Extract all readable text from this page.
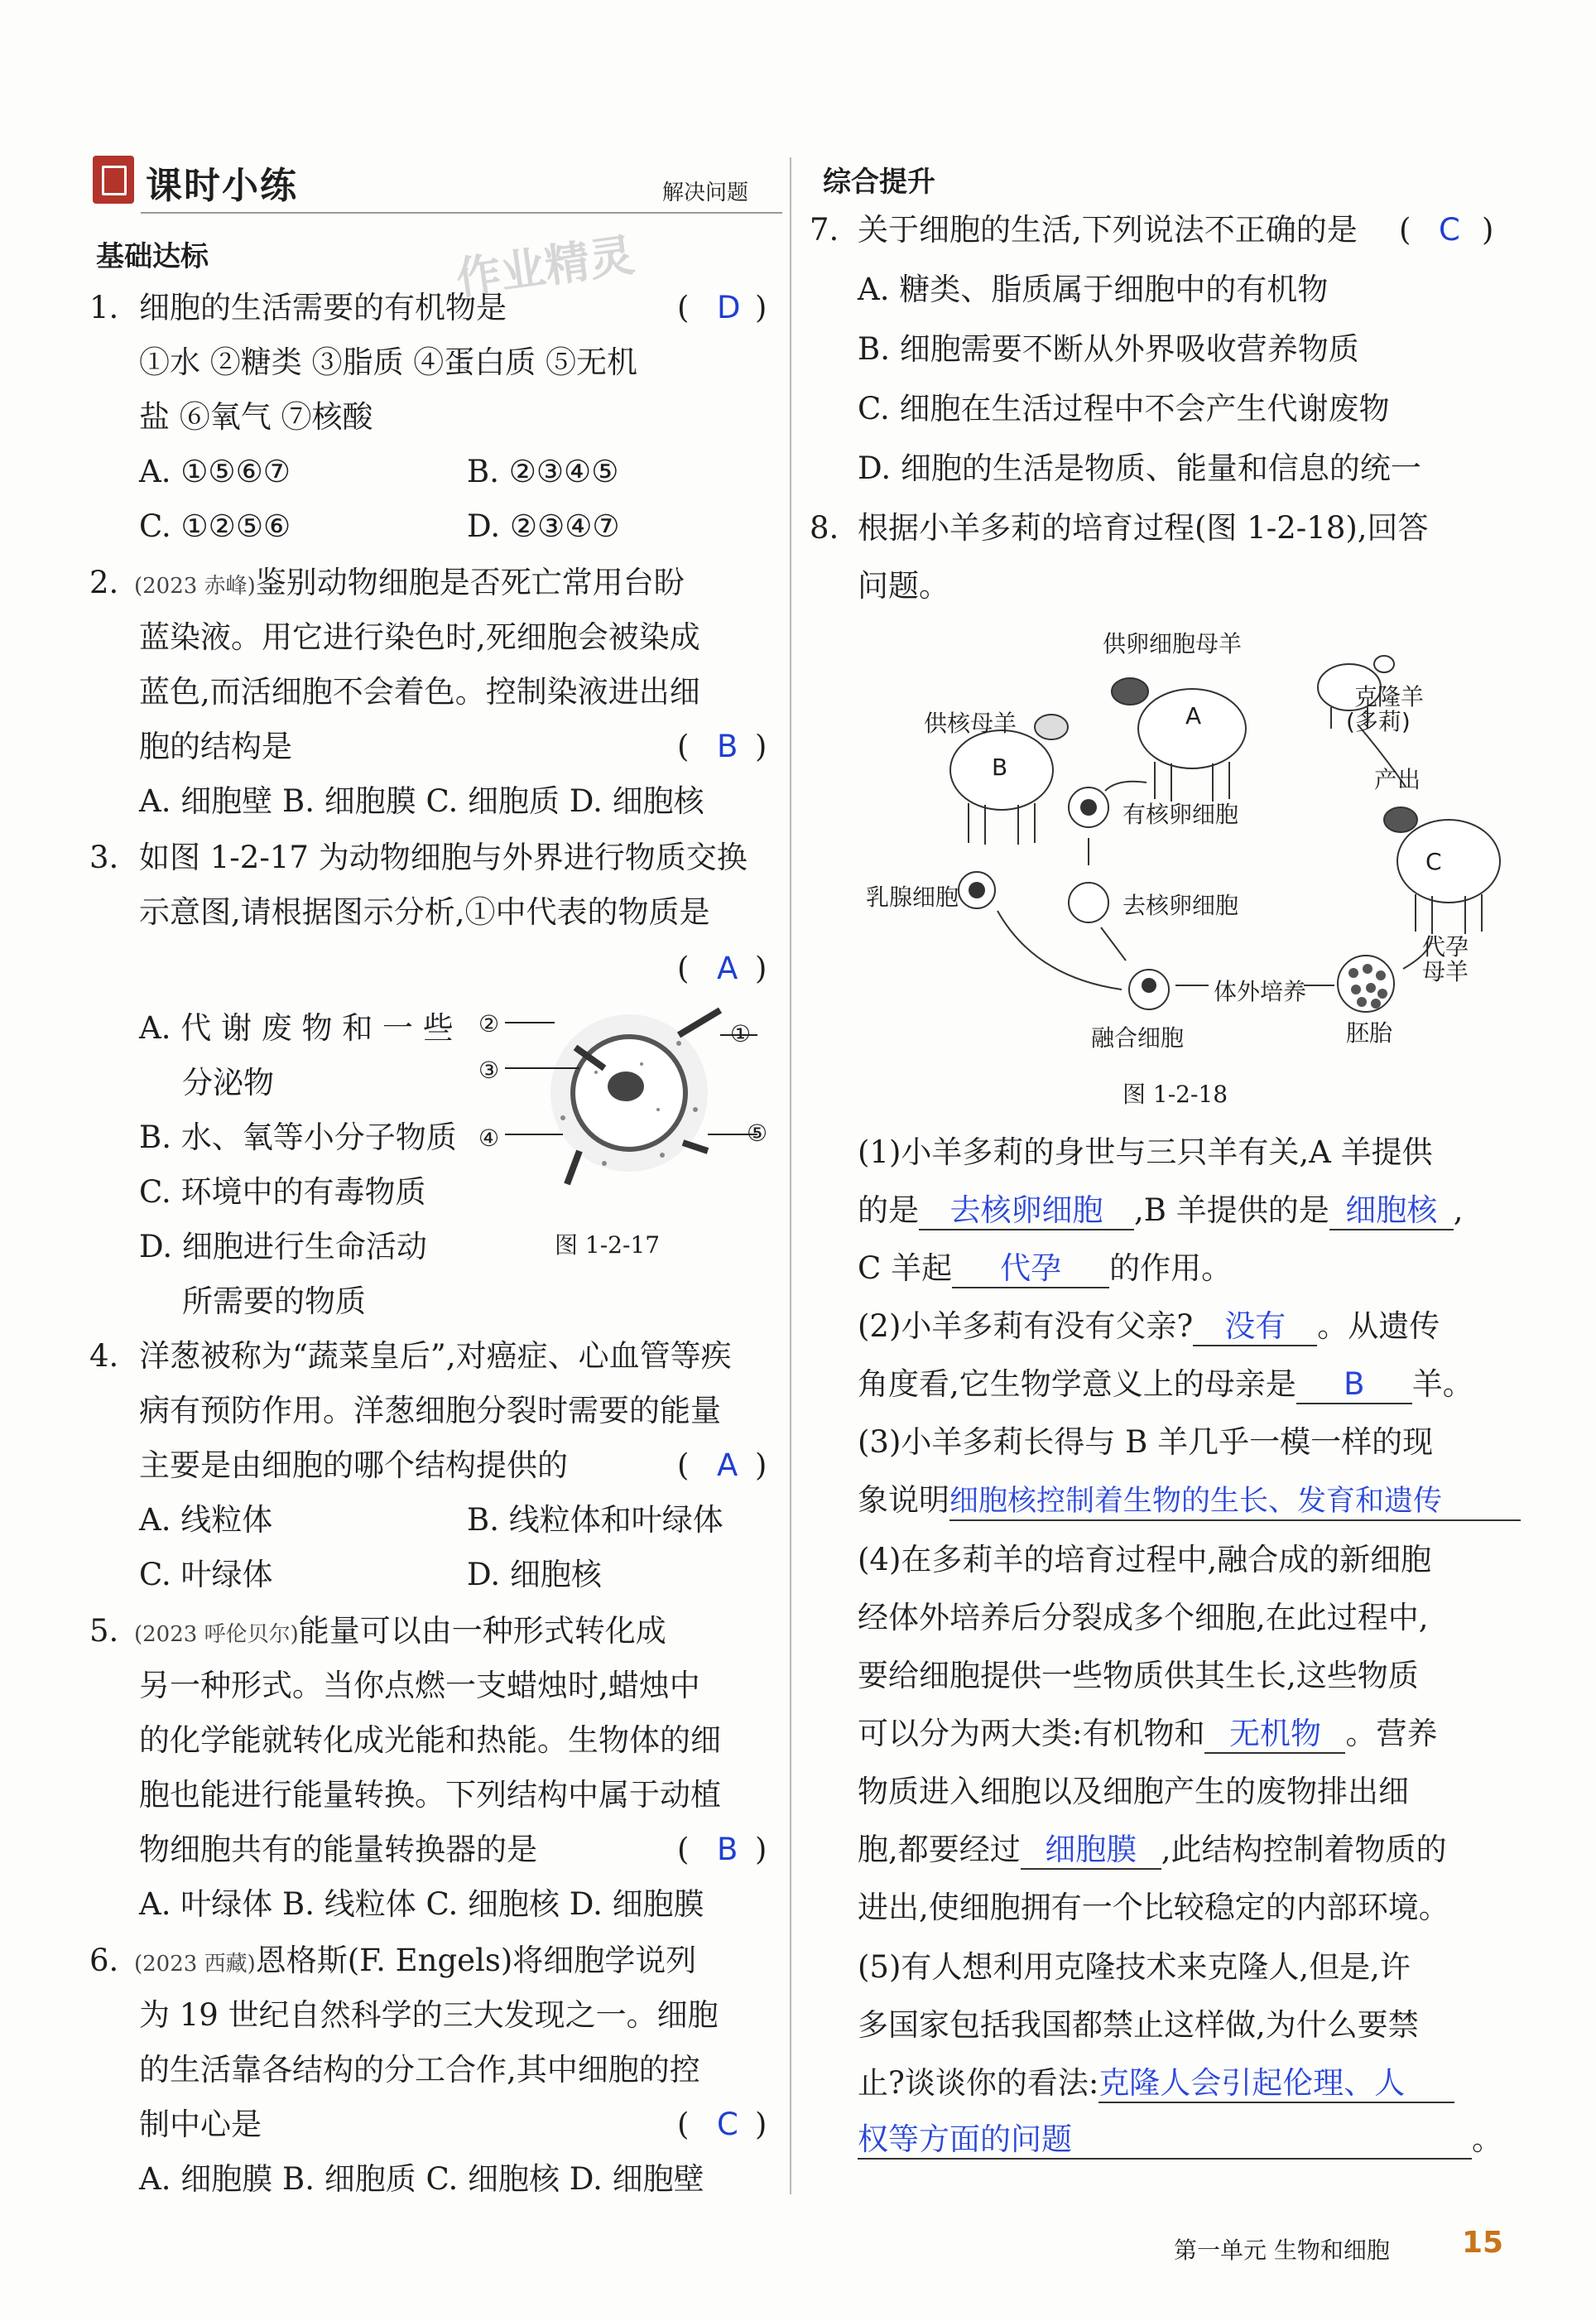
课时小练	解决问题
作业精灵
基础达标
综合提升
1. 细胞的生活需要的有机物是	( D )
①水 ②糖类 ③脂质 ④蛋白质 ⑤无机
盐 ⑥氧气 ⑦核酸
A. ①⑤⑥⑦	B. ②③④⑤
C. ①②⑤⑥	D. ②③④⑦
2. (2023 赤峰)鉴别动物细胞是否死亡常用台盼
蓝染液。用它进行染色时,死细胞会被染成
蓝色,而活细胞不会着色。控制染液进出细
胞的结构是	( B )
A. 细胞壁 B. 细胞膜 C. 细胞质 D. 细胞核
3. 如图 1-2-17 为动物细胞与外界进行物质交换
示意图,请根据图示分析,①中代表的物质是
( A )
A. 代 谢 废 物 和 一 些
分泌物
B. 水、氧等小分子物质
C. 环境中的有毒物质
D. 细胞进行生命活动
所需要的物质
①
②
③
④	⑤
图 1-2-17
4. 洋葱被称为“蔬菜皇后”,对癌症、心血管等疾
病有预防作用。洋葱细胞分裂时需要的能量
主要是由细胞的哪个结构提供的	( A )
A. 线粒体	B. 线粒体和叶绿体
C. 叶绿体	D. 细胞核
5. (2023 呼伦贝尔)能量可以由一种形式转化成
另一种形式。当你点燃一支蜡烛时,蜡烛中
的化学能就转化成光能和热能。生物体的细
胞也能进行能量转换。下列结构中属于动植
物细胞共有的能量转换器的是	( B )
A. 叶绿体 B. 线粒体 C. 细胞核 D. 细胞膜
6. (2023 西藏)恩格斯(F. Engels)将细胞学说列
为 19 世纪自然科学的三大发现之一。细胞
的生活靠各结构的分工合作,其中细胞的控
制中心是	( C )
A. 细胞膜 B. 细胞质 C. 细胞核 D. 细胞壁
7. 关于细胞的生活,下列说法不正确的是 ( C )
A. 糖类、脂质属于细胞中的有机物
B. 细胞需要不断从外界吸收营养物质
C. 细胞在生活过程中不会产生代谢废物
D. 细胞的生活是物质、能量和信息的统一
8. 根据小羊多莉的培育过程(图 1-2-18),回答
问题。
供卵细胞母羊
供核母羊
克隆羊
(多莉)
产出
有核卵细胞
乳腺细胞	去核卵细胞
代孕
母羊
体外培养
融合细胞	胚胎
A
B
C
图 1-2-18
(1)小羊多莉的身世与三只羊有关,A 羊提供
的是 去核卵细胞 ,B 羊提供的是 细胞核 ,
C 羊起 代孕 的作用。
(2)小羊多莉有没有父亲? 没有 。从遗传
角度看,它生物学意义上的母亲是 B 羊。
(3)小羊多莉长得与 B 羊几乎一模一样的现
象说明细胞核控制着生物的生长、发育和遗传
(4)在多莉羊的培育过程中,融合成的新细胞
经体外培养后分裂成多个细胞,在此过程中,
要给细胞提供一些物质供其生长,这些物质
可以分为两大类:有机物和 无机物 。营养
物质进入细胞以及细胞产生的废物排出细
胞,都要经过 细胞膜 ,此结构控制着物质的
进出,使细胞拥有一个比较稳定的内部环境。
(5)有人想利用克隆技术来克隆人,但是,许
多国家包括我国都禁止这样做,为什么要禁
止?谈谈你的看法:克隆人会引起伦理、人
权等方面的问题	。
第一单元 生物和细胞 15
